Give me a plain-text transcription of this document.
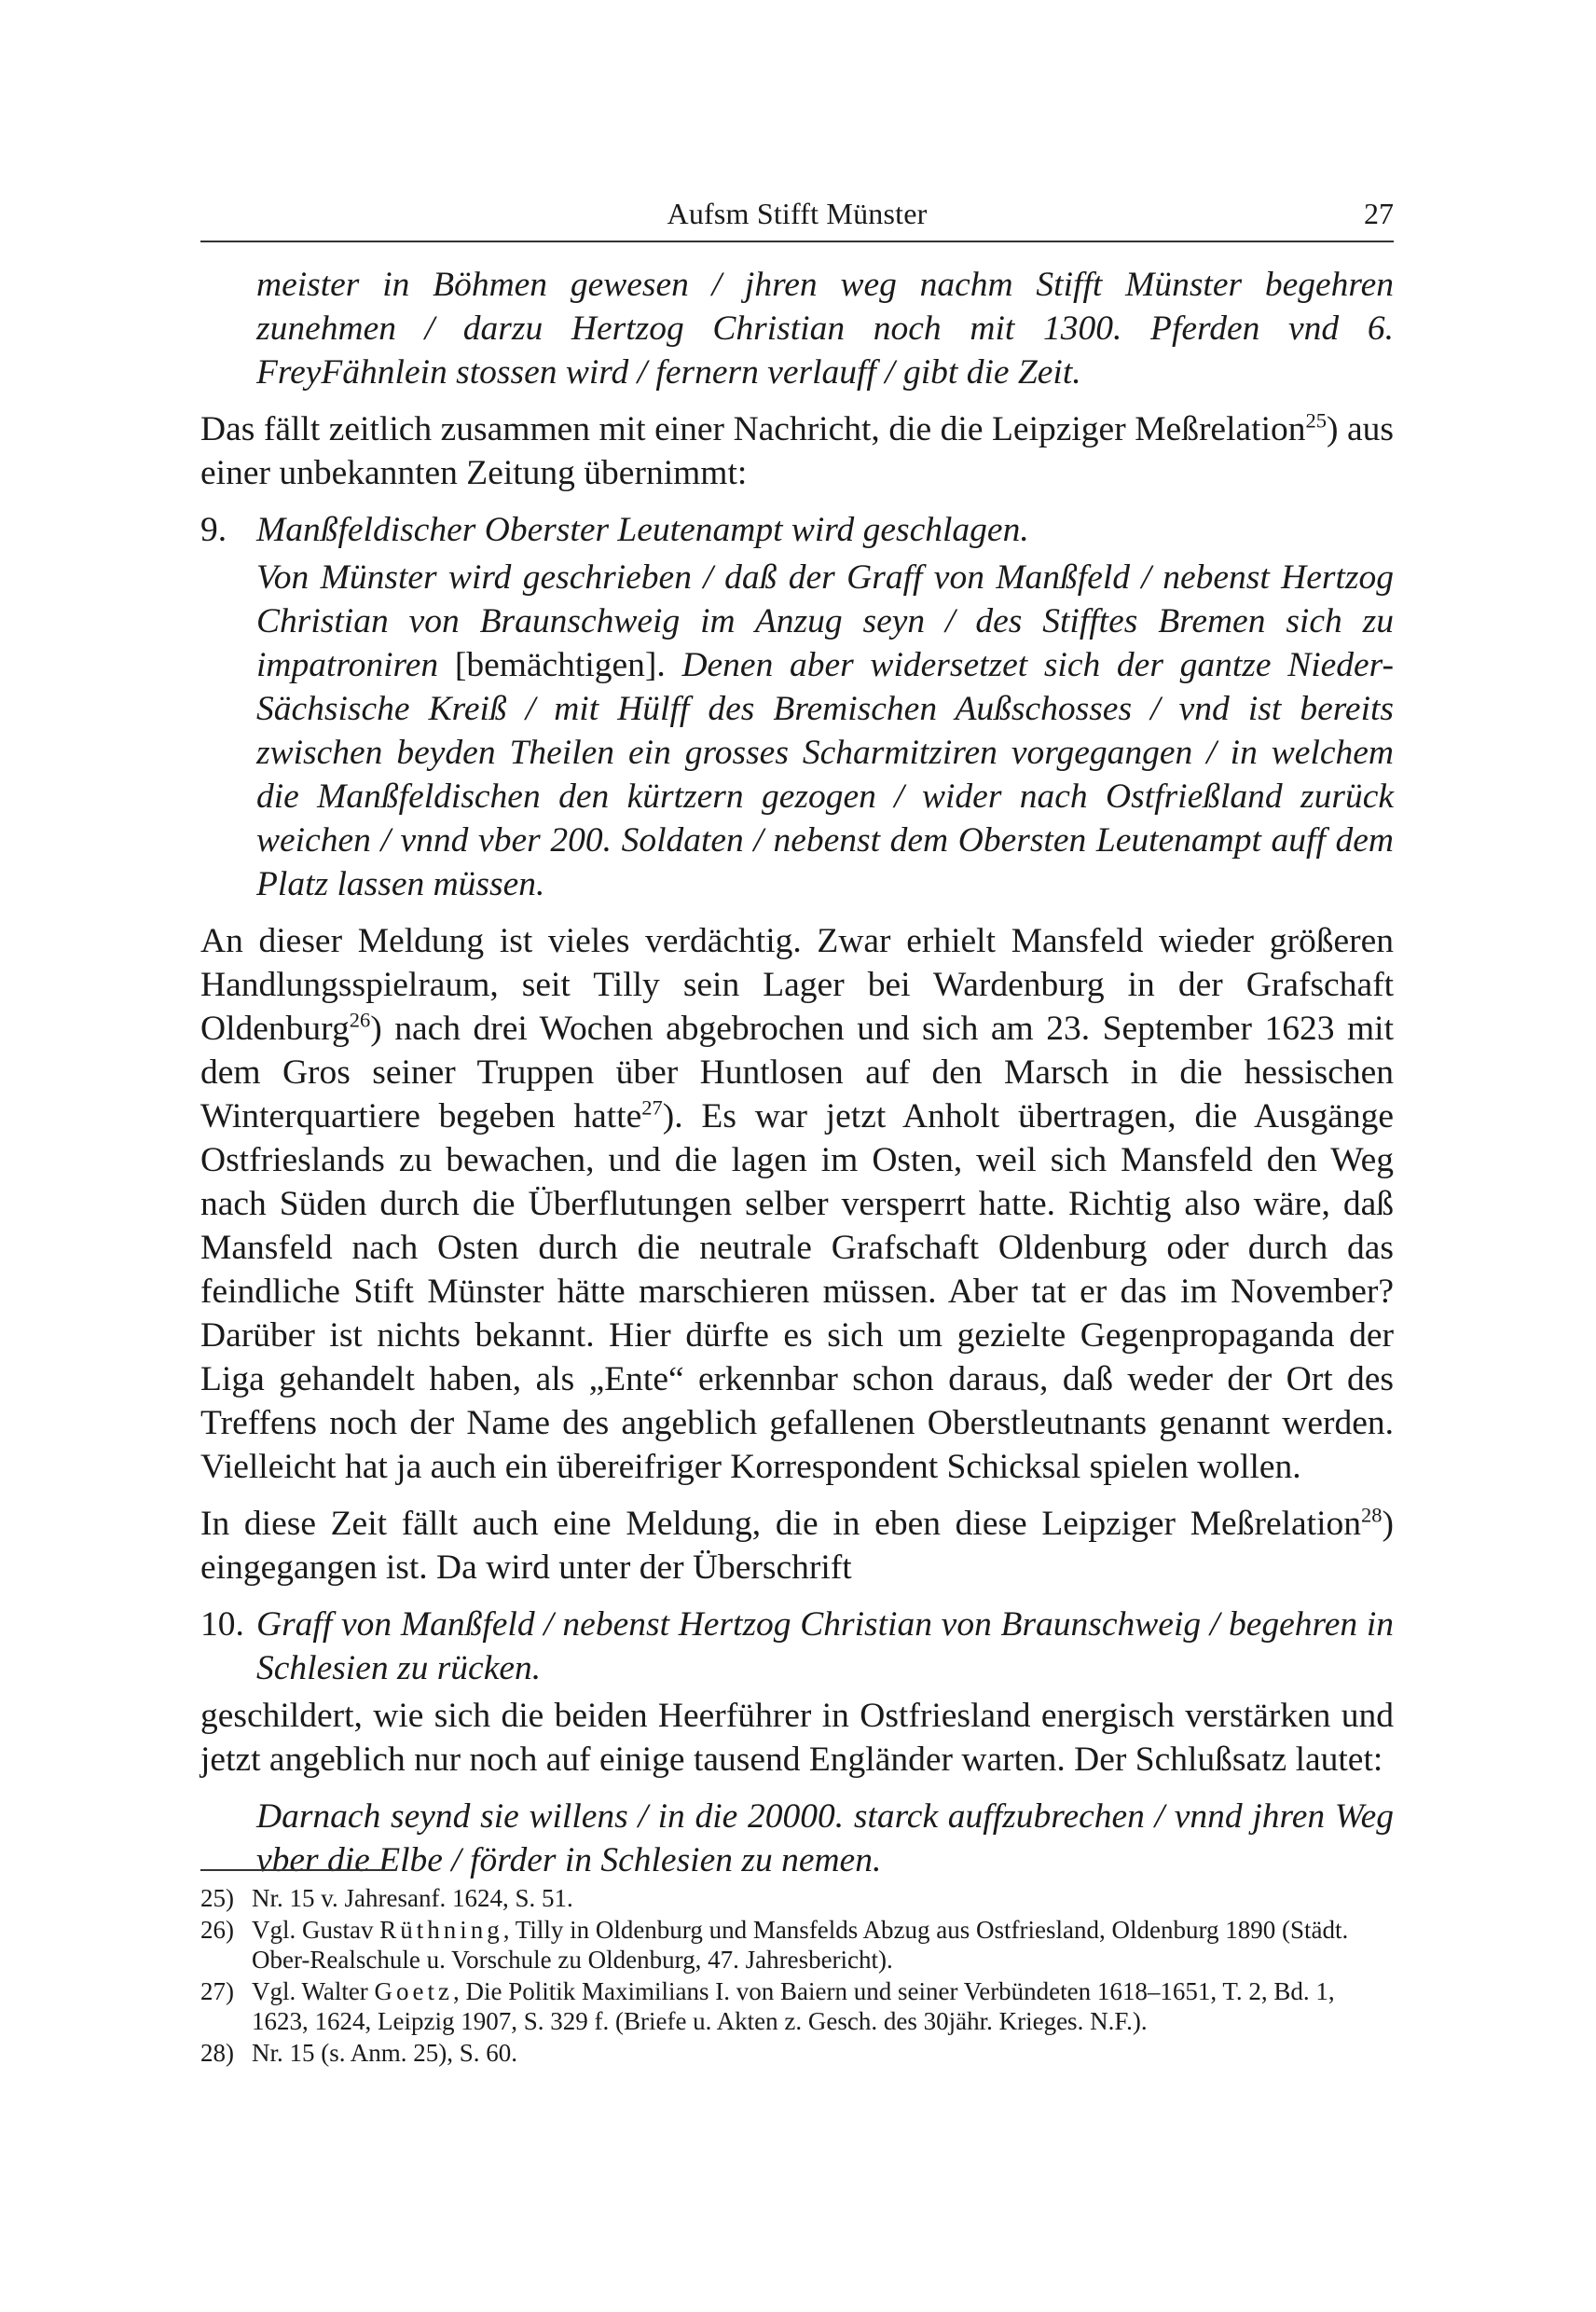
Aufsm Stifft Münster	27

meister in Böhmen gewesen / jhren weg nachm Stifft Münster begehren zunehmen / darzu Hertzog Christian noch mit 1300. Pferden vnd 6. FreyFähnlein stossen wird / fernern verlauff / gibt die Zeit.

Das fällt zeitlich zusammen mit einer Nachricht, die die Leipziger Meßrelation$^{25}$) aus einer unbekannten Zeitung übernimmt:

9. Manßfeldischer Oberster Leutenampt wird geschlagen.

Von Münster wird geschrieben / daß der Graff von Manßfeld / nebenst Hertzog Christian von Braunschweig im Anzug seyn / des Stifftes Bremen sich zu impatroniren [bemächtigen]. Denen aber widersetzet sich der gantze Nieder-Sächsische Kreiß / mit Hülff des Bremischen Außschosses / vnd ist bereits zwischen beyden Theilen ein grosses Scharmitziren vorgegangen / in welchem die Manßfeldischen den kürtzern gezogen / wider nach Ostfrießland zurück weichen / vnnd vber 200. Soldaten / nebenst dem Obersten Leutenampt auff dem Platz lassen müssen.

An dieser Meldung ist vieles verdächtig. Zwar erhielt Mansfeld wieder größeren Handlungsspielraum, seit Tilly sein Lager bei Wardenburg in der Grafschaft Oldenburg$^{26}$) nach drei Wochen abgebrochen und sich am 23. September 1623 mit dem Gros seiner Truppen über Huntlosen auf den Marsch in die hessischen Winterquartiere begeben hatte$^{27}$). Es war jetzt Anholt übertragen, die Ausgänge Ostfrieslands zu bewachen, und die lagen im Osten, weil sich Mansfeld den Weg nach Süden durch die Überflutungen selber versperrt hatte. Richtig also wäre, daß Mansfeld nach Osten durch die neutrale Grafschaft Oldenburg oder durch das feindliche Stift Münster hätte marschieren müssen. Aber tat er das im November? Darüber ist nichts bekannt. Hier dürfte es sich um gezielte Gegenpropaganda der Liga gehandelt haben, als „Ente“ erkennbar schon daraus, daß weder der Ort des Treffens noch der Name des angeblich gefallenen Oberstleutnants genannt werden. Vielleicht hat ja auch ein übereifriger Korrespondent Schicksal spielen wollen.

In diese Zeit fällt auch eine Meldung, die in eben diese Leipziger Meßrelation$^{28}$) eingegangen ist. Da wird unter der Überschrift

10. Graff von Manßfeld / nebenst Hertzog Christian von Braunschweig / begehren in Schlesien zu rücken.

geschildert, wie sich die beiden Heerführer in Ostfriesland energisch verstärken und jetzt angeblich nur noch auf einige tausend Engländer warten. Der Schlußsatz lautet:

Darnach seynd sie willens / in die 20000. starck auffzubrechen / vnnd jhren Weg vber die Elbe / förder in Schlesien zu nemen.

25) Nr. 15 v. Jahresanf. 1624, S. 51.
26) Vgl. Gustav Rüthning, Tilly in Oldenburg und Mansfelds Abzug aus Ostfriesland, Oldenburg 1890 (Städt. Ober-Realschule u. Vorschule zu Oldenburg, 47. Jahresbericht).
27) Vgl. Walter Goetz, Die Politik Maximilians I. von Baiern und seiner Verbündeten 1618–1651, T. 2, Bd. 1, 1623, 1624, Leipzig 1907, S. 329 f. (Briefe u. Akten z. Gesch. des 30jähr. Krieges. N.F.).
28) Nr. 15 (s. Anm. 25), S. 60.
